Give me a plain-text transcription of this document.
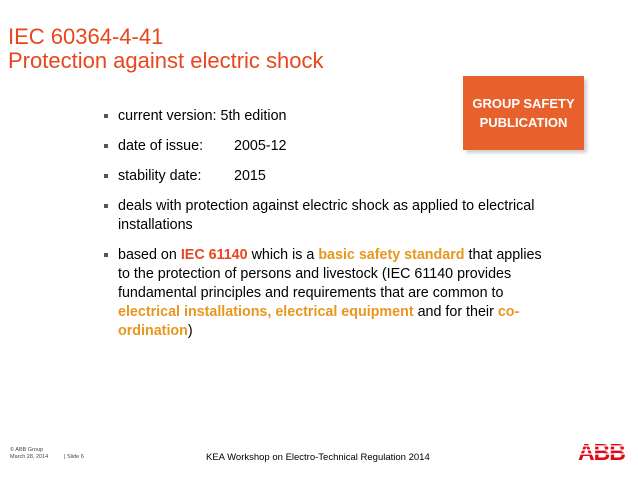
IEC 60364-4-41
Protection against electric shock
GROUP SAFETY
PUBLICATION
current version: 5th edition
date of issue: 2005-12
stability date: 2015
deals with protection against electric shock as applied to electrical installations
based on IEC 61140 which is a basic safety standard that applies to the protection of persons and livestock (IEC 61140 provides fundamental principles and requirements that are common to electrical installations, electrical equipment and for their co-ordination)
© ABB Group
March 28, 2014	| Slide 6	KEA Workshop on Electro-Technical Regulation 2014	ABB
